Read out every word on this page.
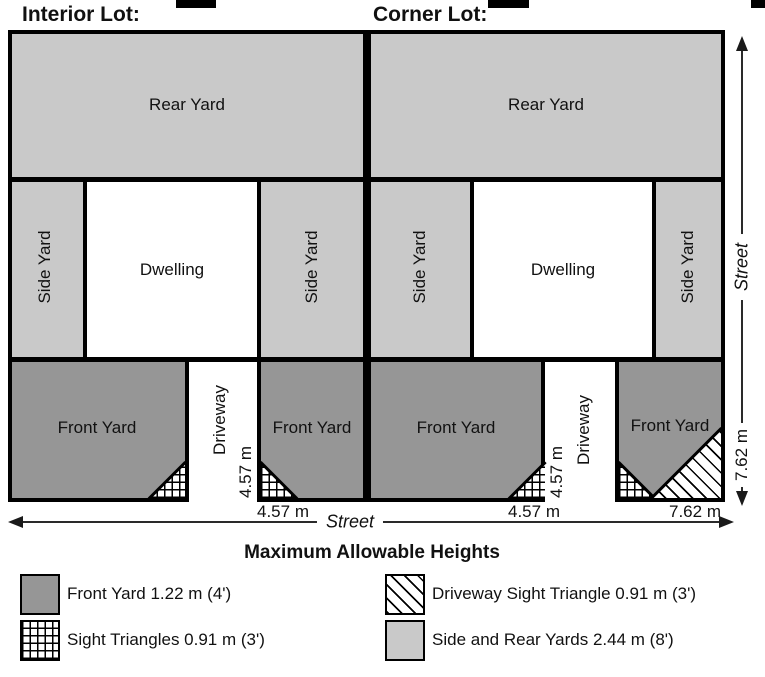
Interior Lot:	Corner Lot:
Rear Yard	Rear Yard
Side Yard	Side Yard	Side Yard	Side Yard
Dwelling	Dwelling
Front Yard	Front Yard	Front Yard	Front Yard
Driveway	Driveway
4.57 m	4.57 m
4.57 m	4.57 m	7.62 m
Street
Street
7.62 m
Maximum Allowable Heights
Front Yard 1.22 m (4')
Sight Triangles 0.91 m (3')
Driveway Sight Triangle 0.91 m (3')
Side and Rear Yards 2.44 m (8')
